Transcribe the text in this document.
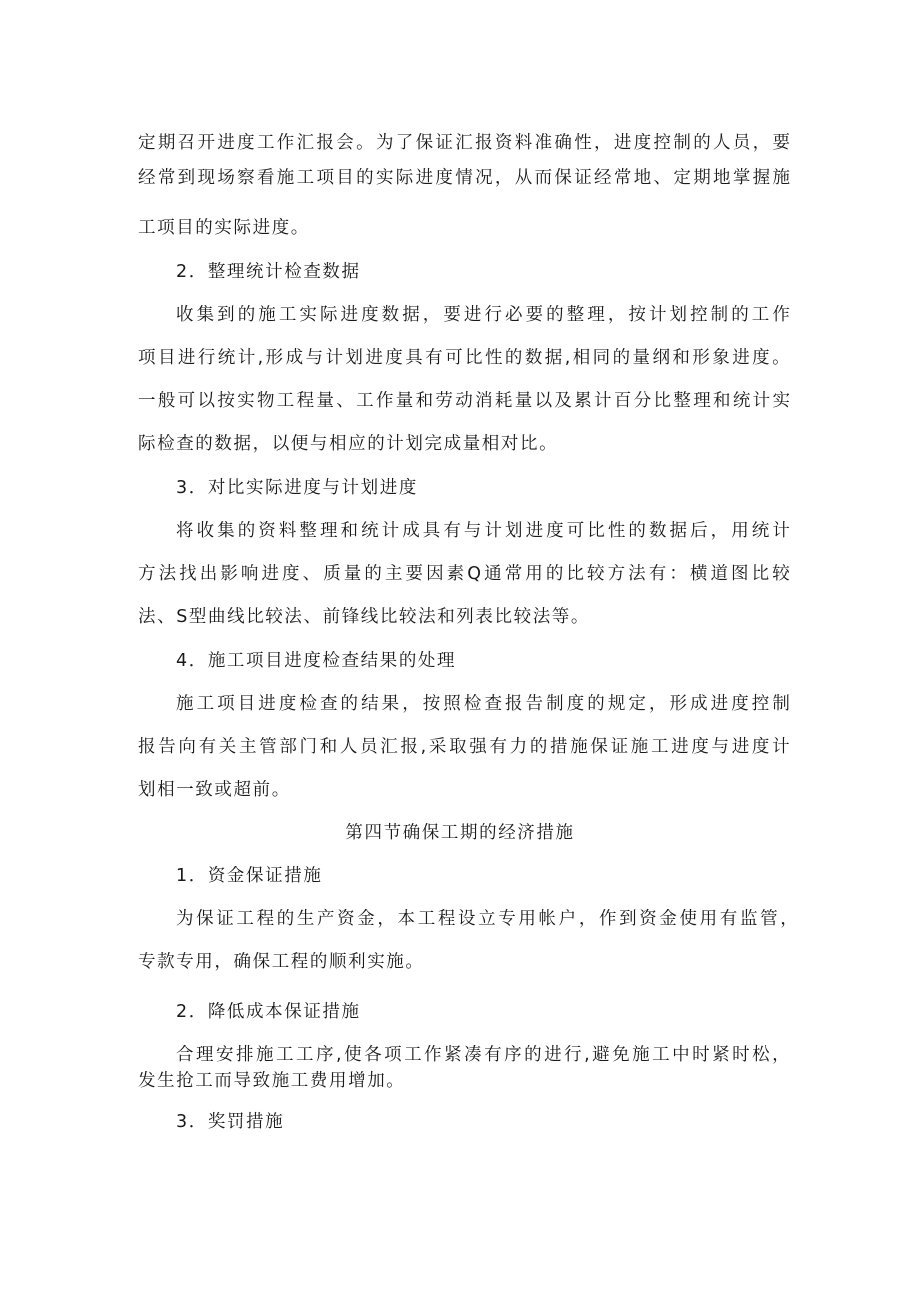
定 期 召 开 进 度 工 作 汇 报 会 。 为 了 保 证 汇 报 资 料 准 确 性 ， 进 度 控 制 的 人 员 ， 要
经 常 到 现 场 察 看 施 工 项 目 的 实 际 进 度 情 况 ， 从 而 保 证 经 常 地 、 定 期 地 掌 握 施
工项目的实际进度。
2．整理统计检查数据
收 集 到 的 施 工 实 际 进 度 数 据 ， 要 进 行 必 要 的 整 理 ， 按 计 划 控 制 的 工 作
项 目 进 行 统 计 , 形 成 与 计 划 进 度 具 有 可 比 性 的 数 据 , 相 同 的 量 纲 和 形 象 进 度 。
一 般 可 以 按 实 物 工 程 量 、 工 作 量 和 劳 动 消 耗 量 以 及 累 计 百 分 比 整 理 和 统 计 实
际检查的数据，以便与相应的计划完成量相对比。
3．对比实际进度与计划进度
将 收 集 的 资 料 整 理 和 统 计 成 具 有 与 计 划 进 度 可 比 性 的 数 据 后 ， 用 统 计
方 法 找 出 影 响 进 度 、 质 量 的 主 要 因 素 Q 通 常 用 的 比 较 方 法 有 ： 横 道 图 比 较
法、S型曲线比较法、前锋线比较法和列表比较法等。
4．施工项目进度检查结果的处理
施 工 项 目 进 度 检 查 的 结 果 ， 按 照 检 查 报 告 制 度 的 规 定 ， 形 成 进 度 控 制
报 告 向 有 关 主 管 部 门 和 人 员 汇 报 , 采 取 强 有 力 的 措 施 保 证 施 工 进 度 与 进 度 计
划相一致或超前。
第四节确保工期的经济措施
1．资金保证措施
为 保 证 工 程 的 生 产 资 金 ， 本 工 程 设 立 专 用 帐 户 ， 作 到 资 金 使 用 有 监 管 ，
专款专用，确保工程的顺利实施。
2．降低成本保证措施
合 理 安 排 施 工 工 序 , 使 各 项 工 作 紧 凑 有 序 的 进 行 , 避 免 施 工 中 时 紧 时 松 ，
发生抢工而导致施工费用增加。
3．奖罚措施
